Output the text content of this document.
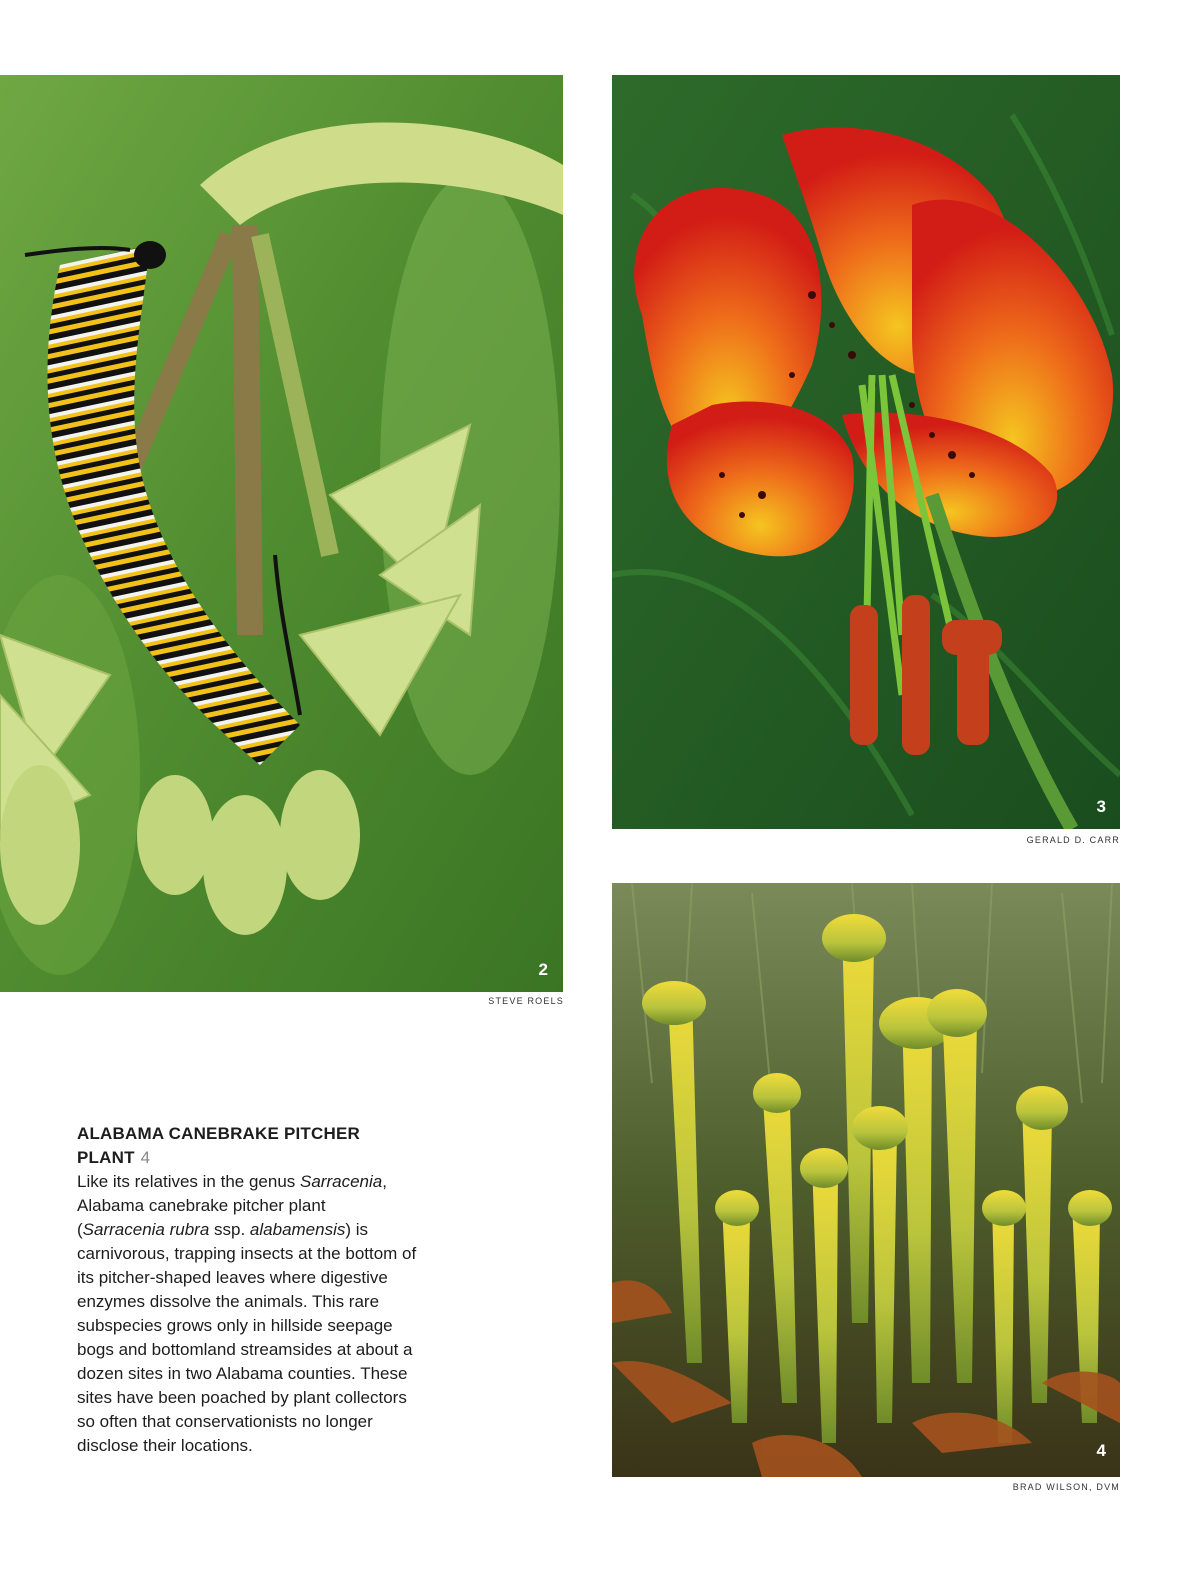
2
STEVE ROELS
3
GERALD D. CARR
4
BRAD WILSON, DVM
ALABAMA CANEBRAKE PITCHER PLANT 4

Like its relatives in the genus Sarracenia, Alabama canebrake pitcher plant (Sarracenia rubra ssp. alabamensis) is carnivorous, trapping insects at the bottom of its pitcher-shaped leaves where digestive enzymes dissolve the animals. This rare subspecies grows only in hillside seepage bogs and bottomland streamsides at about a dozen sites in two Alabama counties. These sites have been poached by plant collectors so often that conservationists no longer disclose their locations.
